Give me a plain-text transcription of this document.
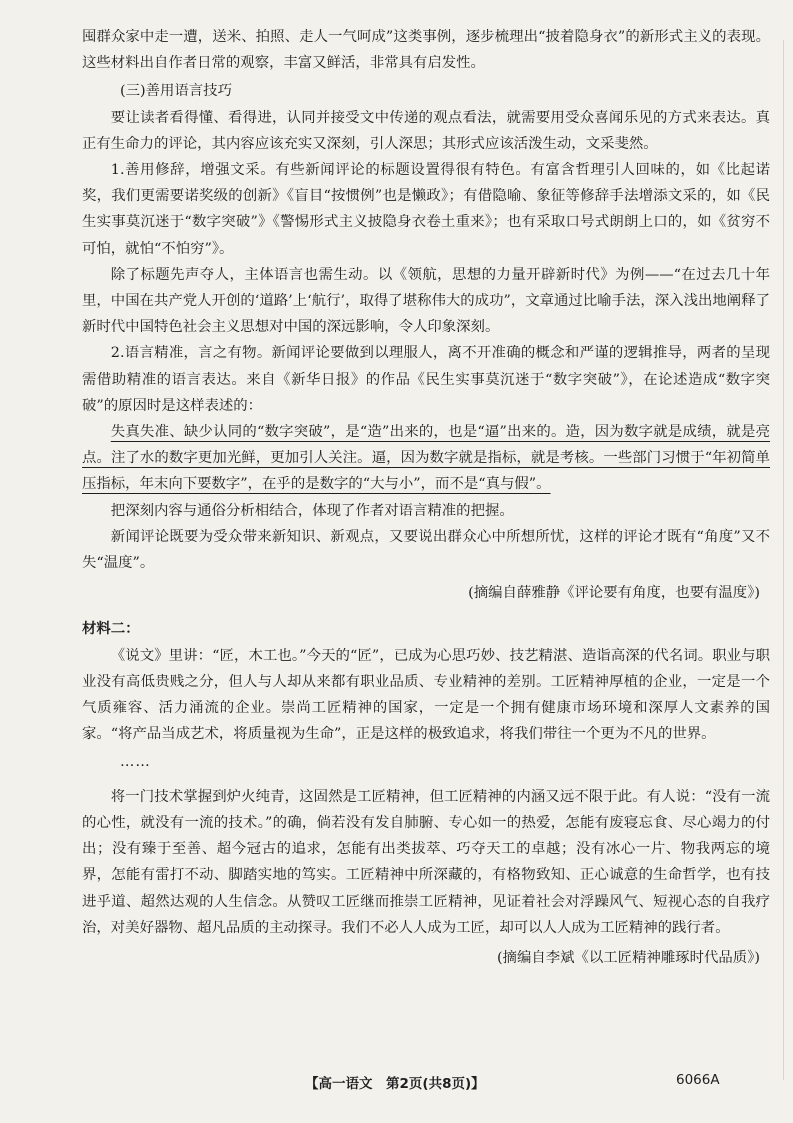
囤群众家中走一遭，送米、拍照、走人一气呵成”这类事例，逐步梳理出“披着隐身衣”的新形式主义的表现。这些材料出自作者日常的观察，丰富又鲜活，非常具有启发性。

(三)善用语言技巧

要让读者看得懂、看得进，认同并接受文中传递的观点看法，就需要用受众喜闻乐见的方式来表达。真正有生命力的评论，其内容应该充实又深刻，引人深思；其形式应该活泼生动，文采斐然。

1.善用修辞，增强文采。有些新闻评论的标题设置得很有特色。有富含哲理引人回味的，如《比起诺奖，我们更需要诺奖级的创新》《盲目“按惯例”也是懒政》；有借隐喻、象征等修辞手法增添文采的，如《民生实事莫沉迷于“数字突破”》《警惕形式主义披隐身衣卷土重来》；也有采取口号式朗朗上口的，如《贫穷不可怕，就怕“不怕穷”》。

除了标题先声夺人，主体语言也需生动。以《领航，思想的力量开辟新时代》为例——“在过去几十年里，中国在共产党人开创的‘道路’上‘航行’，取得了堪称伟大的成功”，文章通过比喻手法，深入浅出地阐释了新时代中国特色社会主义思想对中国的深远影响，令人印象深刻。

2.语言精准，言之有物。新闻评论要做到以理服人，离不开准确的概念和严谨的逻辑推导，两者的呈现需借助精准的语言表达。来自《新华日报》的作品《民生实事莫沉迷于“数字突破”》，在论述造成“数字突破”的原因时是这样表述的：

失真失准、缺少认同的“数字突破”，是“造”出来的，也是“逼”出来的。造，因为数字就是成绩，就是亮点。注了水的数字更加光鲜，更加引人关注。逼，因为数字就是指标，就是考核。一些部门习惯于“年初简单压指标，年末向下要数字”，在乎的是数字的“大与小”，而不是“真与假”。

把深刻内容与通俗分析相结合，体现了作者对语言精准的把握。

新闻评论既要为受众带来新知识、新观点，又要说出群众心中所想所忧，这样的评论才既有“角度”又不失“温度”。

(摘编自薛雅静《评论要有角度，也要有温度》)

材料二：

《说文》里讲：“匠，木工也。”今天的“匠”，已成为心思巧妙、技艺精湛、造诣高深的代名词。职业与职业没有高低贵贱之分，但人与人却从来都有职业品质、专业精神的差别。工匠精神厚植的企业，一定是一个气质雍容、活力涌流的企业。崇尚工匠精神的国家，一定是一个拥有健康市场环境和深厚人文素养的国家。“将产品当成艺术，将质量视为生命”，正是这样的极致追求，将我们带往一个更为不凡的世界。

……

将一门技术掌握到炉火纯青，这固然是工匠精神，但工匠精神的内涵又远不限于此。有人说：“没有一流的心性，就没有一流的技术。”的确，倘若没有发自肺腑、专心如一的热爱，怎能有废寝忘食、尽心竭力的付出；没有臻于至善、超今冠古的追求，怎能有出类拔萃、巧夺天工的卓越；没有冰心一片、物我两忘的境界，怎能有雷打不动、脚踏实地的笃实。工匠精神中所深藏的，有格物致知、正心诚意的生命哲学，也有技进乎道、超然达观的人生信念。从赞叹工匠继而推崇工匠精神，见证着社会对浮躁风气、短视心态的自我疗治，对美好器物、超凡品质的主动探寻。我们不必人人成为工匠，却可以人人成为工匠精神的践行者。

(摘编自李斌《以工匠精神雕琢时代品质》)

【高一语文　第2页(共8页)】	6066A
